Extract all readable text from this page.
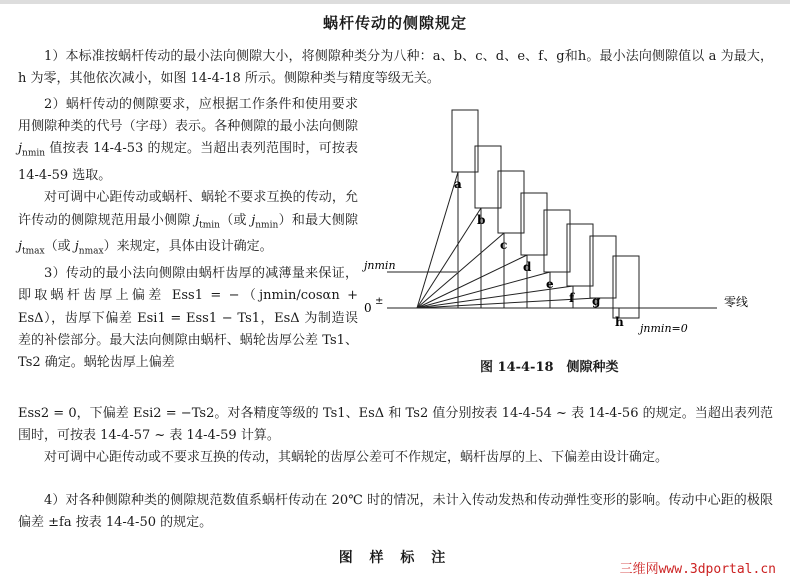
蜗杆传动的侧隙规定
1）本标准按蜗杆传动的最小法向侧隙大小，将侧隙种类分为八种：a、b、c、d、e、f、g和h。最小法向侧隙值以 a 为最大，h 为零，其他依次减小，如图 14-4-18 所示。侧隙种类与精度等级无关。

2）蜗杆传动的侧隙要求，应根据工作条件和使用要求用侧隙种类的代号（字母）表示。各种侧隙的最小法向侧隙 $j_{nmin}$ 值按表 14-4-53 的规定。当超出表列范围时，可按表 14-4-59 选取。

对可调中心距传动或蜗杆、蜗轮不要求互换的传动，允许传动的侧隙规范用最小侧隙 $j_{tmin}$（或 $j_{nmin}$）和最大侧隙 $j_{tmax}$（或 $j_{nmax}$）来规定，具体由设计确定。

3）传动的最小法向侧隙由蜗杆齿厚的减薄量来保证，即取蜗杆齿厚上偏差 Ess1 = −（jnmin/cosαn + EsΔ），齿厚下偏差 Esi1 = Ess1 − Ts1，EsΔ 为制造误差的补偿部分。最大法向侧隙由蜗杆、蜗轮齿厚公差 Ts1、Ts2 确定。蜗轮齿厚上偏差

jnmin
0 ±	零线
jnmin=0
a
b
c
d
e
f g
h
图 14-4-18　侧隙种类
Ess2 = 0，下偏差 Esi2 = −Ts2。对各精度等级的 Ts1、EsΔ 和 Ts2 值分别按表 14-4-54 ~ 表 14-4-56 的规定。当超出表列范围时，可按表 14-4-57 ~ 表 14-4-59 计算。
对可调中心距传动或不要求互换的传动，其蜗轮的齿厚公差可不作规定，蜗杆齿厚的上、下偏差由设计确定。
4）对各种侧隙种类的侧隙规范数值系蜗杆传动在 20℃ 时的情况，未计入传动发热和传动弹性变形的影响。传动中心距的极限偏差 ±fa 按表 14-4-50 的规定。
图 样 标 注
三维网www.3dportal.cn
